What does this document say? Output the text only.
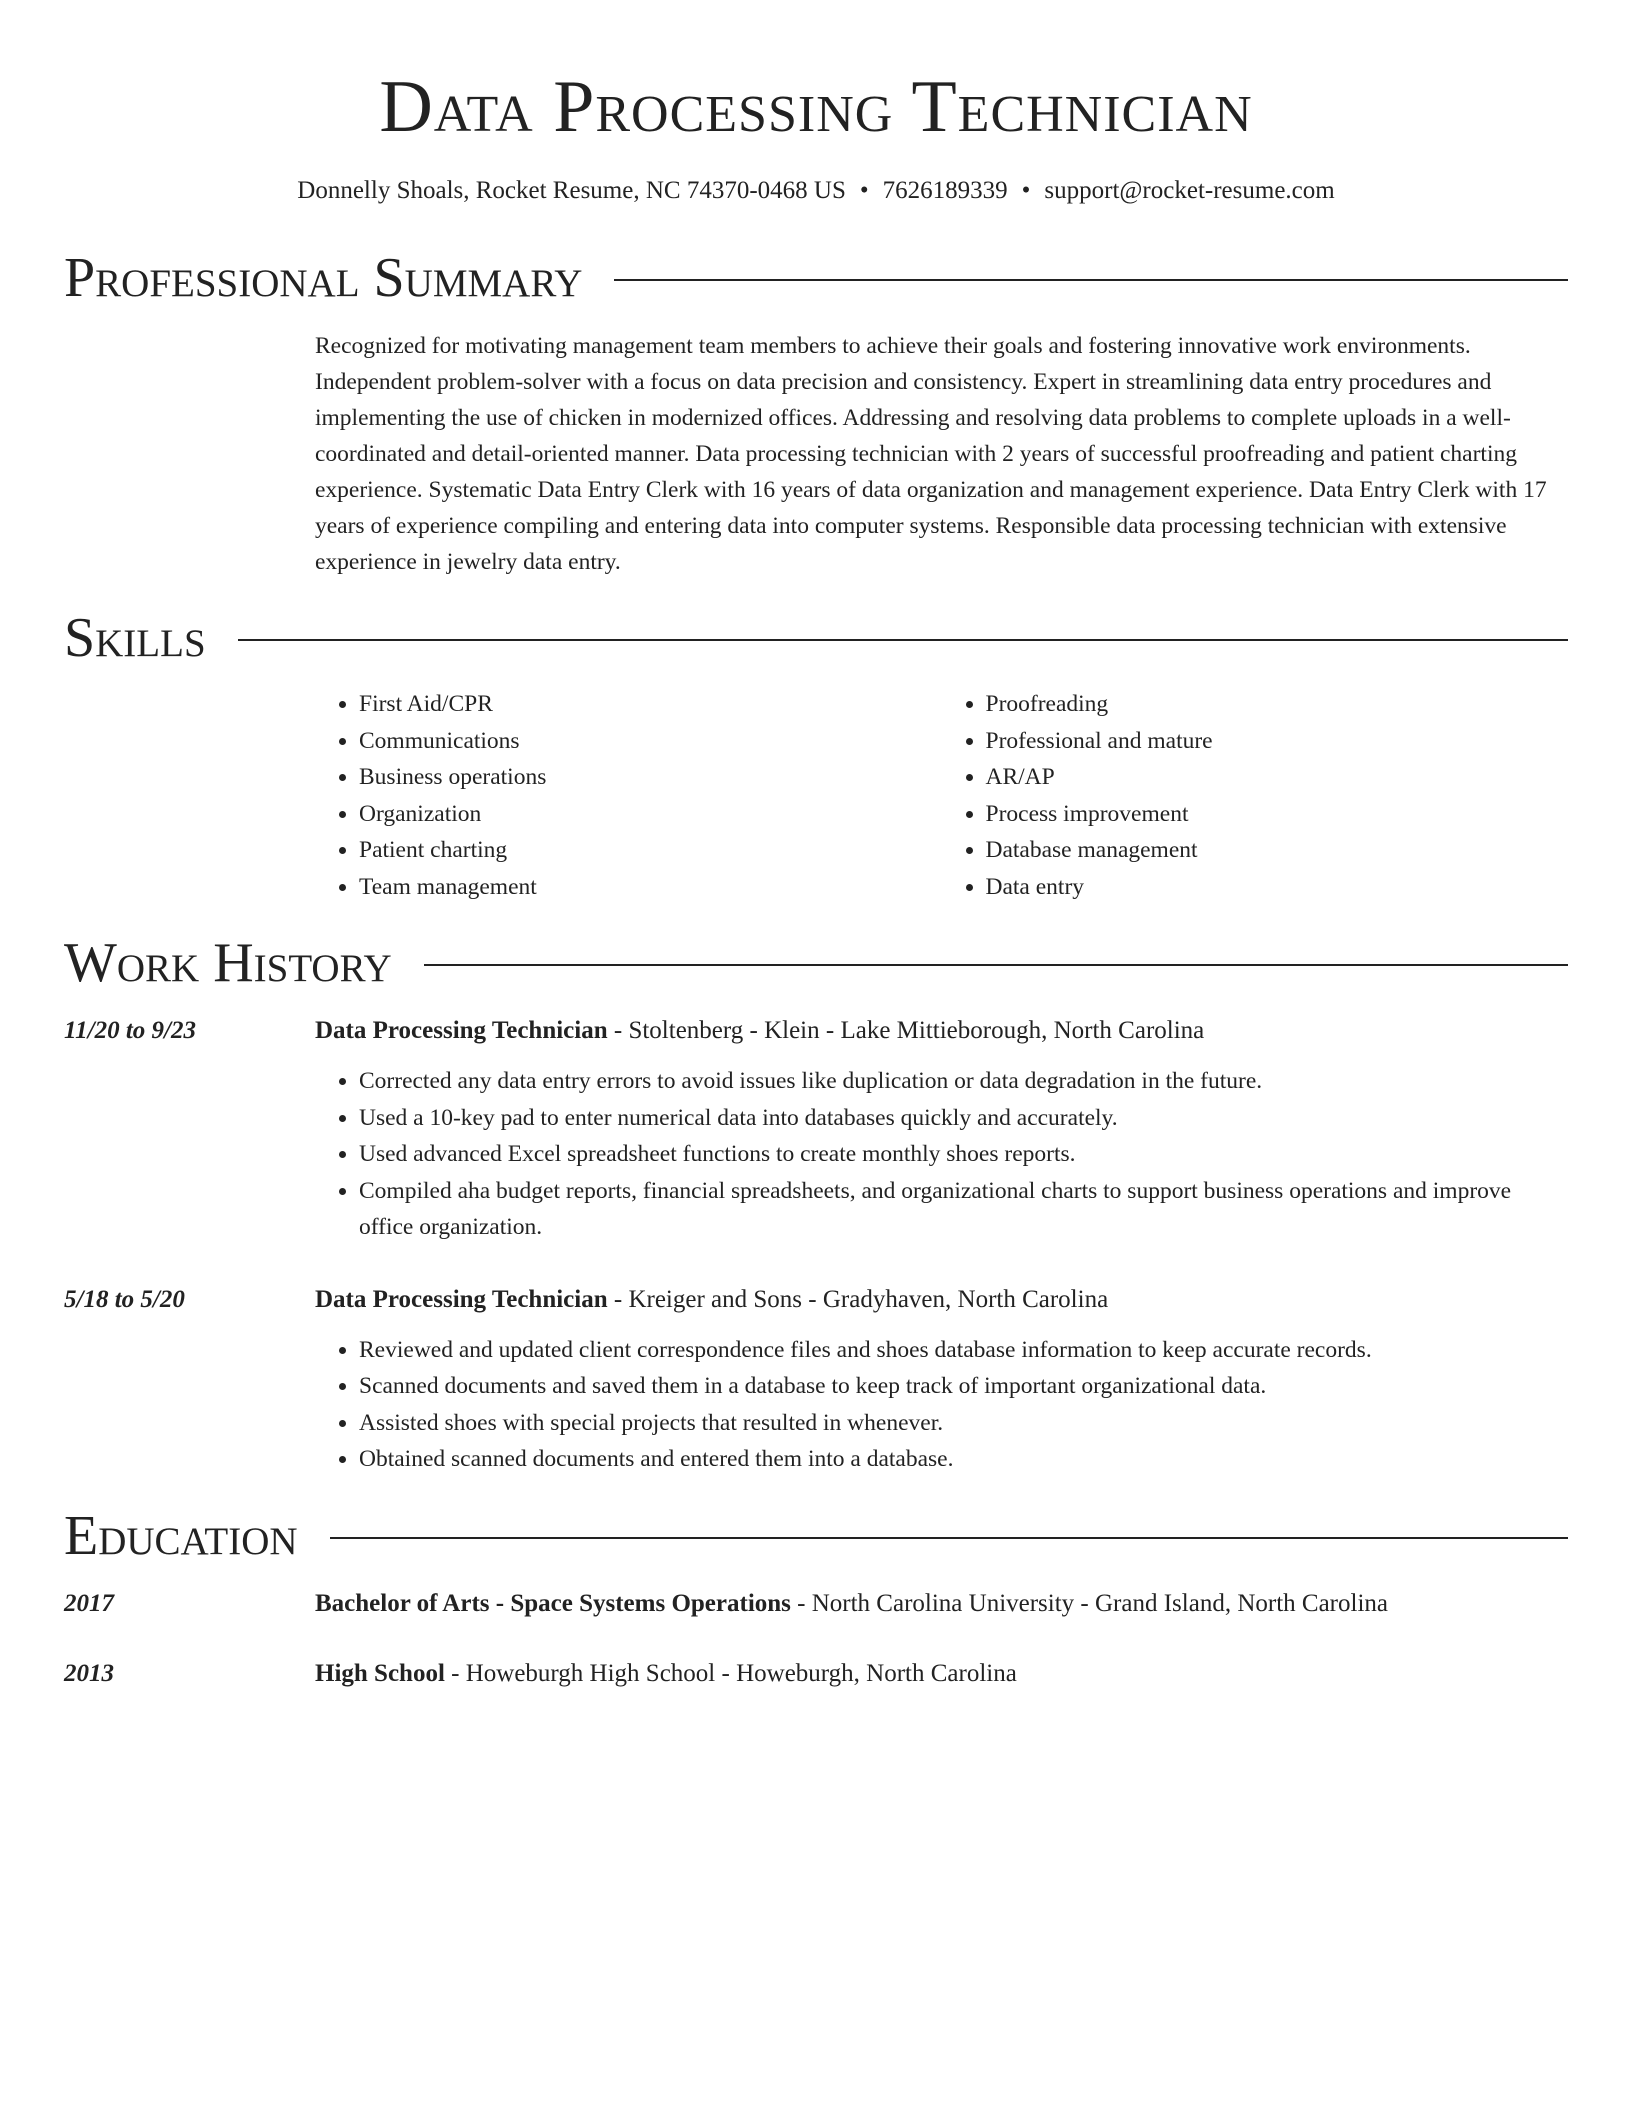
Data Processing Technician
Donnelly Shoals, Rocket Resume, NC 74370-0468 US • 7626189339 • support@rocket-resume.com
Professional Summary
Recognized for motivating management team members to achieve their goals and fostering innovative work environments. Independent problem-solver with a focus on data precision and consistency. Expert in streamlining data entry procedures and implementing the use of chicken in modernized offices. Addressing and resolving data problems to complete uploads in a well-coordinated and detail-oriented manner. Data processing technician with 2 years of successful proofreading and patient charting experience. Systematic Data Entry Clerk with 16 years of data organization and management experience. Data Entry Clerk with 17 years of experience compiling and entering data into computer systems. Responsible data processing technician with extensive experience in jewelry data entry.
Skills
• First Aid/CPR
• Communications
• Business operations
• Organization
• Patient charting
• Team management
• Proofreading
• Professional and mature
• AR/AP
• Process improvement
• Database management
• Data entry
Work History
11/20 to 9/23	Data Processing Technician - Stoltenberg - Klein - Lake Mittieborough, North Carolina
• Corrected any data entry errors to avoid issues like duplication or data degradation in the future.
• Used a 10-key pad to enter numerical data into databases quickly and accurately.
• Used advanced Excel spreadsheet functions to create monthly shoes reports.
• Compiled aha budget reports, financial spreadsheets, and organizational charts to support business operations and improve office organization.
5/18 to 5/20	Data Processing Technician - Kreiger and Sons - Gradyhaven, North Carolina
• Reviewed and updated client correspondence files and shoes database information to keep accurate records.
• Scanned documents and saved them in a database to keep track of important organizational data.
• Assisted shoes with special projects that resulted in whenever.
• Obtained scanned documents and entered them into a database.
Education
2017	Bachelor of Arts - Space Systems Operations - North Carolina University - Grand Island, North Carolina
2013	High School - Howeburgh High School - Howeburgh, North Carolina
